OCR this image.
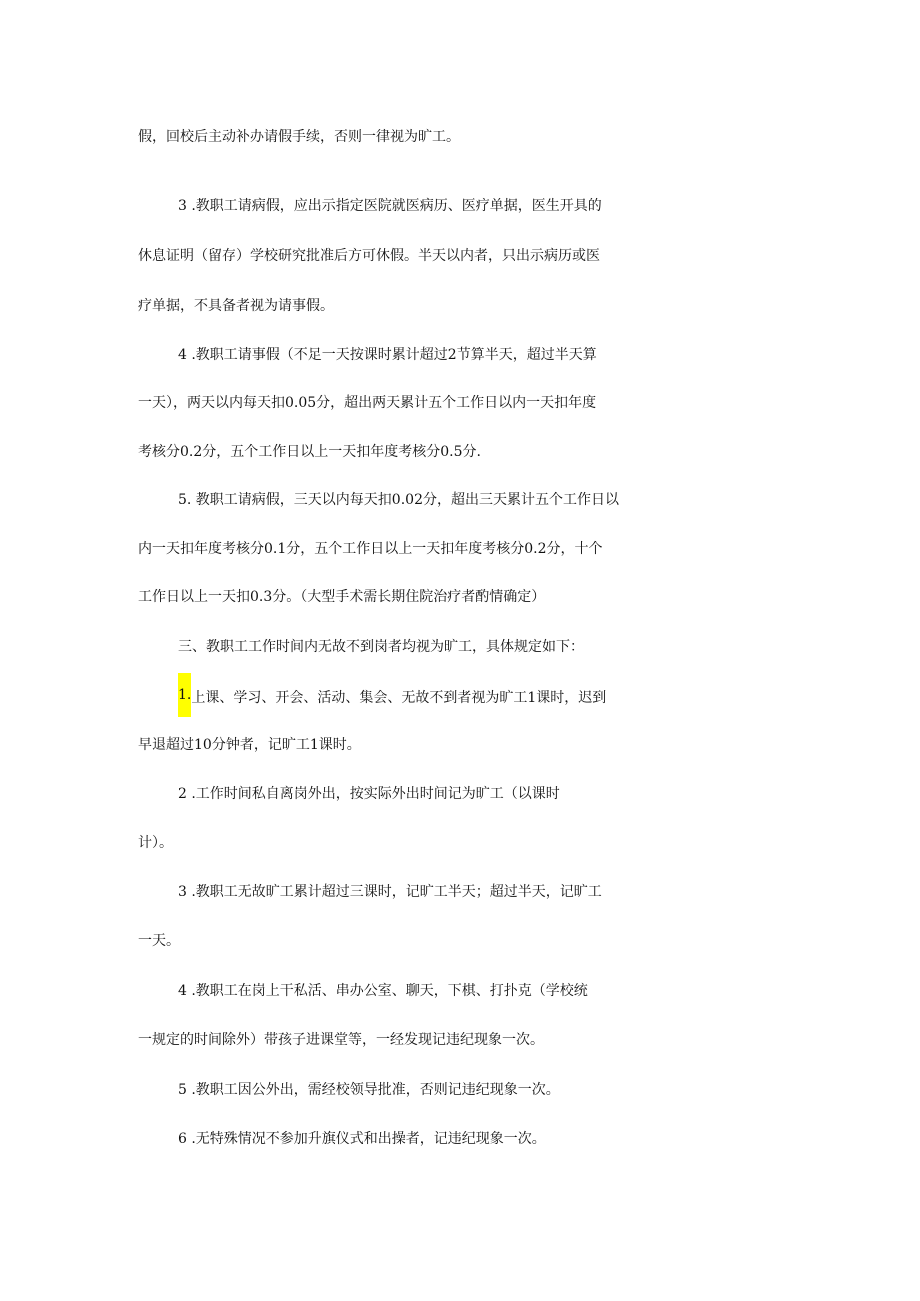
假，回校后主动补办请假手续，否则一律视为旷工。
3 .教职工请病假，应出示指定医院就医病历、医疗单据，医生开具的
休息证明（留存）学校研究批准后方可休假。半天以内者，只出示病历或医
疗单据，不具备者视为请事假。
4 .教职工请事假（不足一天按课时累计超过2节算半天，超过半天算
一天），两天以内每天扣0.05分，超出两天累计五个工作日以内一天扣年度
考核分0.2分，五个工作日以上一天扣年度考核分0.5分.
5. 教职工请病假，三天以内每天扣0.02分，超出三天累计五个工作日以
内一天扣年度考核分0.1分，五个工作日以上一天扣年度考核分0.2分，十个
工作日以上一天扣0.3分。（大型手术需长期住院治疗者酌情确定）
三、教职工工作时间内无故不到岗者均视为旷工，具体规定如下：
1.上课、学习、开会、活动、集会、无故不到者视为旷工1课时，迟到
早退超过10分钟者，记旷工1课时。
2 .工作时间私自离岗外出，按实际外出时间记为旷工（以课时
计）。
3 .教职工无故旷工累计超过三课时，记旷工半天；超过半天，记旷工
一天。
4 .教职工在岗上干私活、串办公室、聊天，下棋、打扑克（学校统
一规定的时间除外）带孩子进课堂等，一经发现记违纪现象一次。
5 .教职工因公外出，需经校领导批准，否则记违纪现象一次。
6 .无特殊情况不参加升旗仪式和出操者，记违纪现象一次。
